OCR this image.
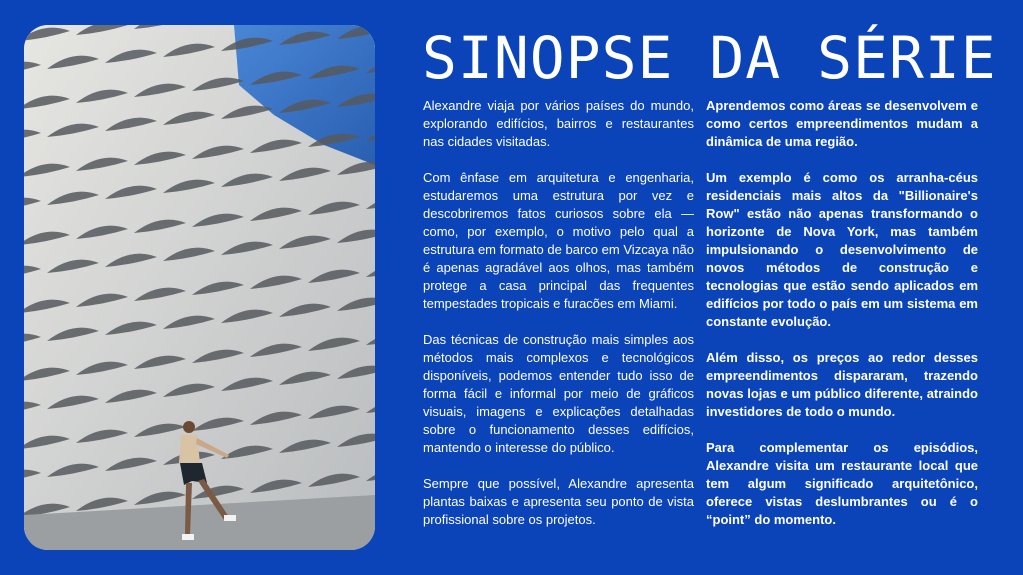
SINOPSE DA SÉRIE

Alexandre viaja por vários países do mundo, explorando edifícios, bairros e restaurantes nas cidades visitadas.

Com ênfase em arquitetura e engenharia, estudaremos uma estrutura por vez e descobriremos fatos curiosos sobre ela — como, por exemplo, o motivo pelo qual a estrutura em formato de barco em Vizcaya não é apenas agradável aos olhos, mas também protege a casa principal das frequentes tempestades tropicais e furacões em Miami.

Das técnicas de construção mais simples aos métodos mais complexos e tecnológicos disponíveis, podemos entender tudo isso de forma fácil e informal por meio de gráficos visuais, imagens e explicações detalhadas sobre o funcionamento desses edifícios, mantendo o interesse do público.

Sempre que possível, Alexandre apresenta plantas baixas e apresenta seu ponto de vista profissional sobre os projetos.

Aprendemos como áreas se desenvolvem e como certos empreendimentos mudam a dinâmica de uma região.

Um exemplo é como os arranha-céus residenciais mais altos da "Billionaire's Row" estão não apenas transformando o horizonte de Nova York, mas também impulsionando o desenvolvimento de novos métodos de construção e tecnologias que estão sendo aplicados em edifícios por todo o país em um sistema em constante evolução.

Além disso, os preços ao redor desses empreendimentos dispararam, trazendo novas lojas e um público diferente, atraindo investidores de todo o mundo.

Para complementar os episódios, Alexandre visita um restaurante local que tem algum significado arquitetônico, oferece vistas deslumbrantes ou é o “point” do momento.
